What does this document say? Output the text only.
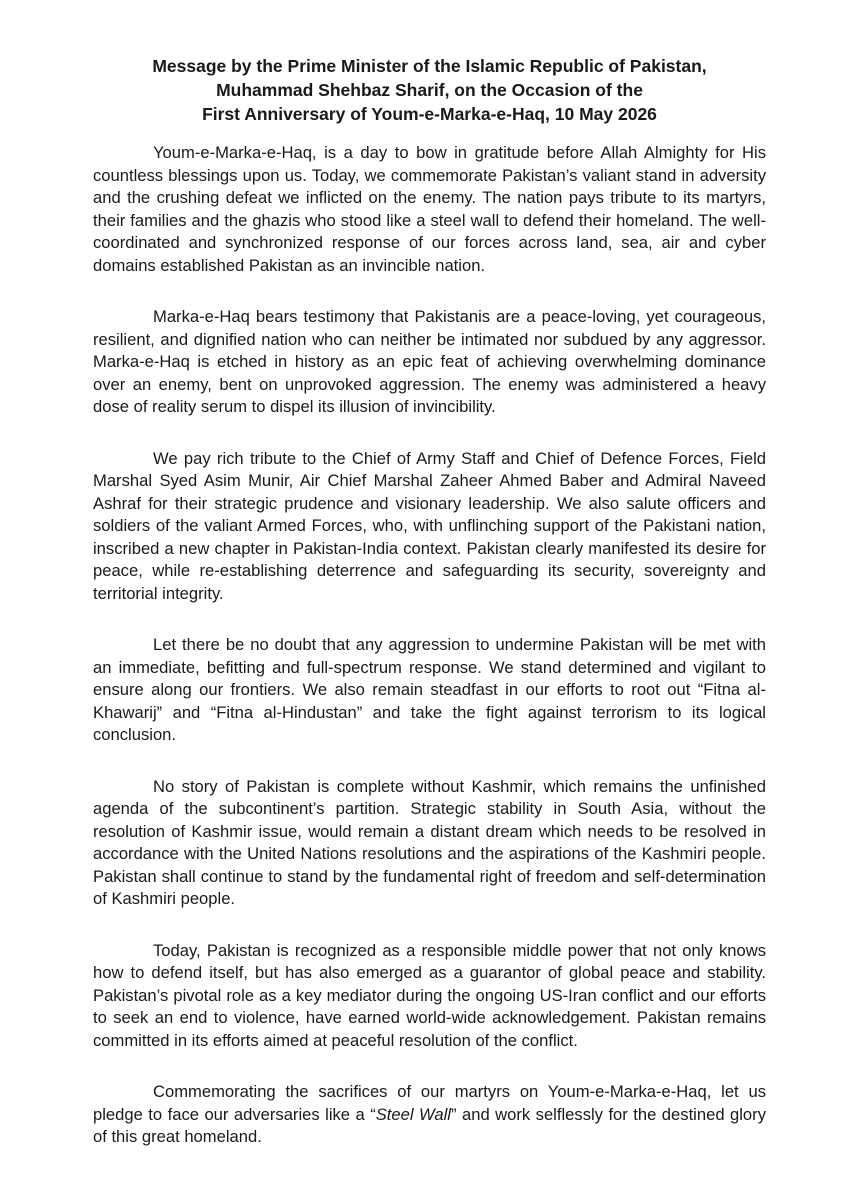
Message by the Prime Minister of the Islamic Republic of Pakistan,
Muhammad Shehbaz Sharif, on the Occasion of the
First Anniversary of Youm-e-Marka-e-Haq, 10 May 2026

Youm-e-Marka-e-Haq, is a day to bow in gratitude before Allah Almighty for His countless blessings upon us. Today, we commemorate Pakistan’s valiant stand in adversity and the crushing defeat we inflicted on the enemy. The nation pays tribute to its martyrs, their families and the ghazis who stood like a steel wall to defend their homeland. The well-coordinated and synchronized response of our forces across land, sea, air and cyber domains established Pakistan as an invincible nation.

Marka-e-Haq bears testimony that Pakistanis are a peace-loving, yet courageous, resilient, and dignified nation who can neither be intimated nor subdued by any aggressor. Marka-e-Haq is etched in history as an epic feat of achieving overwhelming dominance over an enemy, bent on unprovoked aggression. The enemy was administered a heavy dose of reality serum to dispel its illusion of invincibility.

We pay rich tribute to the Chief of Army Staff and Chief of Defence Forces, Field Marshal Syed Asim Munir, Air Chief Marshal Zaheer Ahmed Baber and Admiral Naveed Ashraf for their strategic prudence and visionary leadership. We also salute officers and soldiers of the valiant Armed Forces, who, with unflinching support of the Pakistani nation, inscribed a new chapter in Pakistan-India context. Pakistan clearly manifested its desire for peace, while re-establishing deterrence and safeguarding its security, sovereignty and territorial integrity.

Let there be no doubt that any aggression to undermine Pakistan will be met with an immediate, befitting and full-spectrum response. We stand determined and vigilant to ensure along our frontiers. We also remain steadfast in our efforts to root out “Fitna al-Khawarij” and “Fitna al-Hindustan” and take the fight against terrorism to its logical conclusion.

No story of Pakistan is complete without Kashmir, which remains the unfinished agenda of the subcontinent’s partition. Strategic stability in South Asia, without the resolution of Kashmir issue, would remain a distant dream which needs to be resolved in accordance with the United Nations resolutions and the aspirations of the Kashmiri people. Pakistan shall continue to stand by the fundamental right of freedom and self-determination of Kashmiri people.

Today, Pakistan is recognized as a responsible middle power that not only knows how to defend itself, but has also emerged as a guarantor of global peace and stability. Pakistan’s pivotal role as a key mediator during the ongoing US-Iran conflict and our efforts to seek an end to violence, have earned world-wide acknowledgement. Pakistan remains committed in its efforts aimed at peaceful resolution of the conflict.

Commemorating the sacrifices of our martyrs on Youm-e-Marka-e-Haq, let us pledge to face our adversaries like a “Steel Wall” and work selflessly for the destined glory of this great homeland.
